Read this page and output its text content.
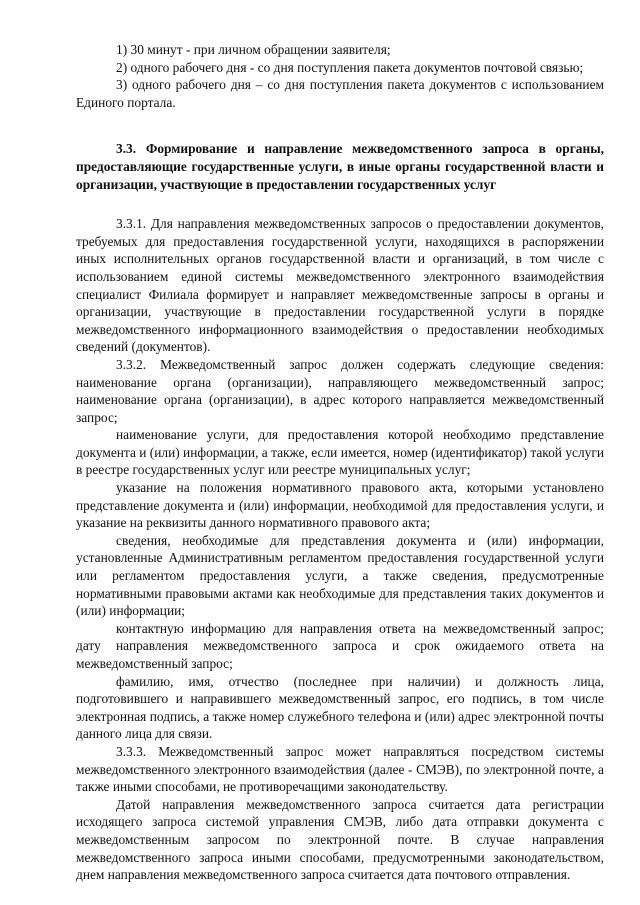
1) 30 минут - при личном обращении заявителя;

2) одного рабочего дня - со дня поступления пакета документов почтовой связью;

3) одного рабочего дня – со дня поступления пакета документов с использованием Единого портала.

3.3. Формирование и направление межведомственного запроса в органы, предоставляющие государственные услуги, в иные органы государственной власти и организации, участвующие в предоставлении государственных услуг

3.3.1. Для направления межведомственных запросов о предоставлении документов, требуемых для предоставления государственной услуги, находящихся в распоряжении иных исполнительных органов государственной власти и организаций, в том числе с использованием единой системы межведомственного электронного взаимодействия специалист Филиала формирует и направляет межведомственные запросы в органы и организации, участвующие в предоставлении государственной услуги в порядке межведомственного информационного взаимодействия о предоставлении необходимых сведений (документов).

3.3.2. Межведомственный запрос должен содержать следующие сведения: наименование органа (организации), направляющего межведомственный запрос; наименование органа (организации), в адрес которого направляется межведомственный запрос;

наименование услуги, для предоставления которой необходимо представление документа и (или) информации, а также, если имеется, номер (идентификатор) такой услуги в реестре государственных услуг или реестре муниципальных услуг;

указание на положения нормативного правового акта, которыми установлено представление документа и (или) информации, необходимой для предоставления услуги, и указание на реквизиты данного нормативного правового акта;

сведения, необходимые для представления документа и (или) информации, установленные Административным регламентом предоставления государственной услуги или регламентом предоставления услуги, а также сведения, предусмотренные нормативными правовыми актами как необходимые для представления таких документов и (или) информации;

контактную информацию для направления ответа на межведомственный запрос; дату направления межведомственного запроса и срок ожидаемого ответа на межведомственный запрос;

фамилию, имя, отчество (последнее при наличии) и должность лица, подготовившего и направившего межведомственный запрос, его подпись, в том числе электронная подпись, а также номер служебного телефона и (или) адрес электронной почты данного лица для связи.

3.3.3. Межведомственный запрос может направляться посредством системы межведомственного электронного взаимодействия (далее - СМЭВ), по электронной почте, а также иными способами, не противоречащими законодательству.

Датой направления межведомственного запроса считается дата регистрации исходящего запроса системой управления СМЭВ, либо дата отправки документа с межведомственным запросом по электронной почте. В случае направления межведомственного запроса иными способами, предусмотренными законодательством, днем направления межведомственного запроса считается дата почтового отправления.
